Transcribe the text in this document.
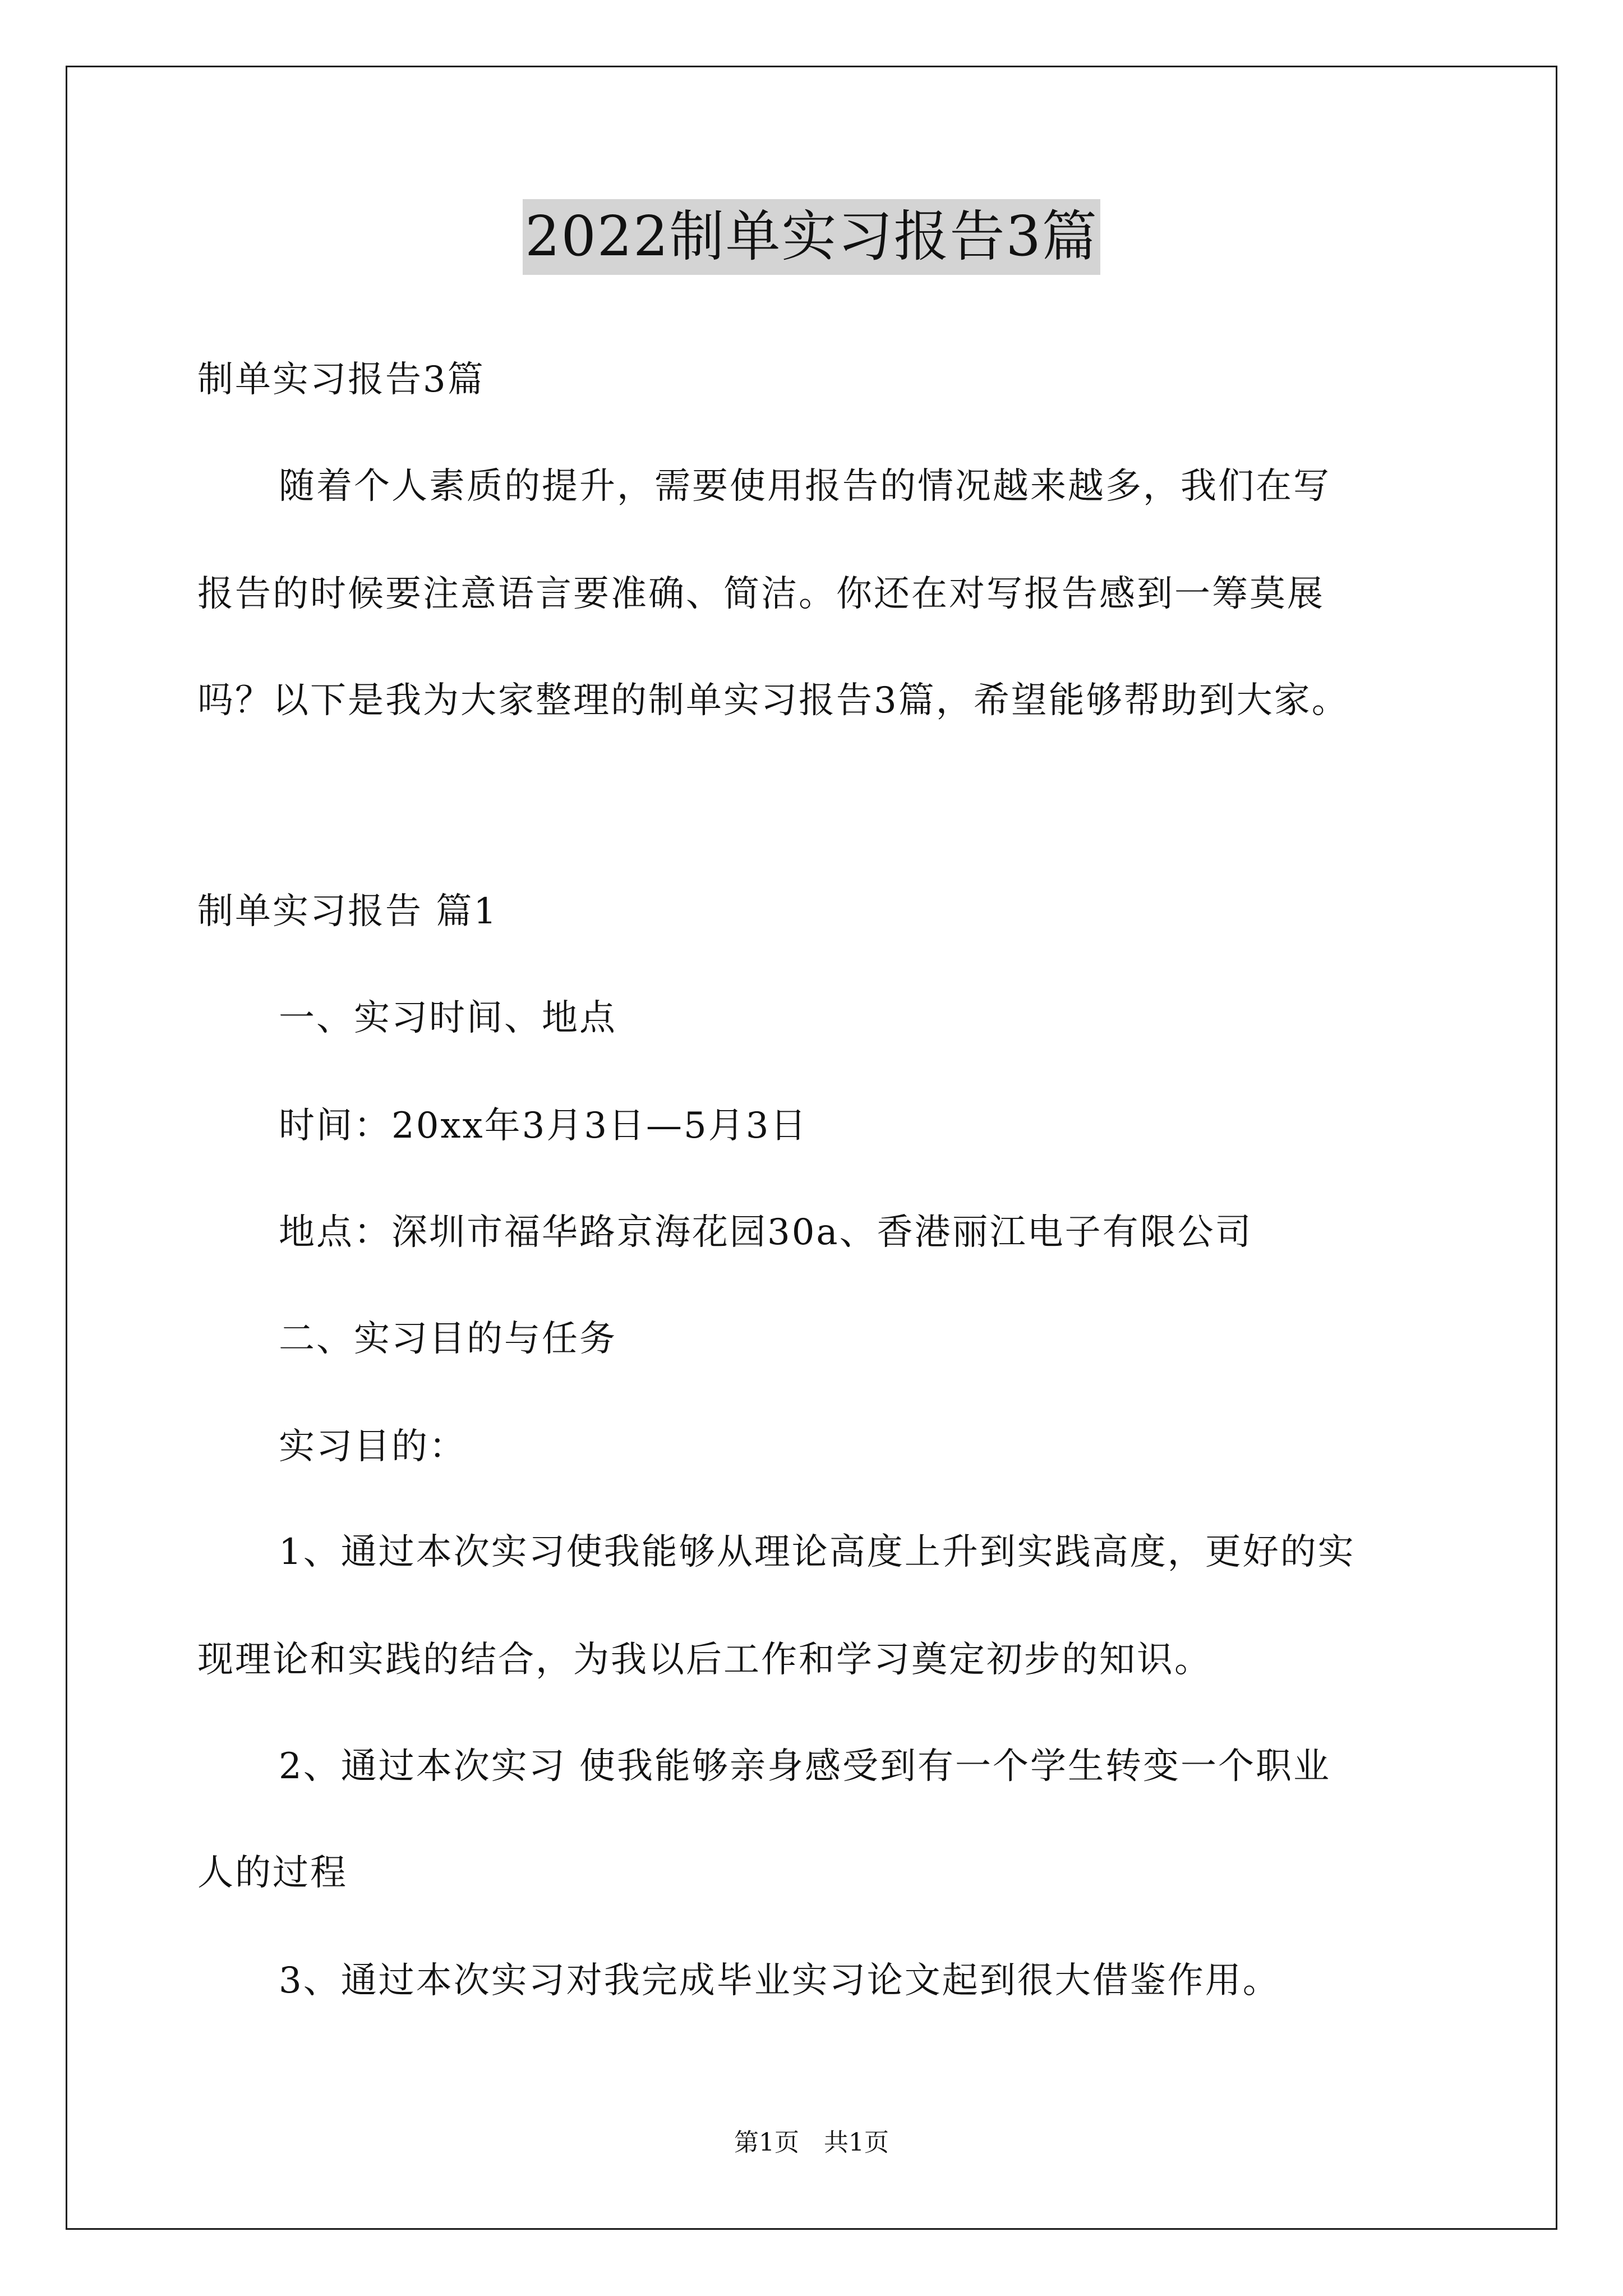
2022制单实习报告3篇
制单实习报告3篇
随着个人素质的提升，需要使用报告的情况越来越多，我们在写
报告的时候要注意语言要准确、简洁。你还在对写报告感到一筹莫展
吗？以下是我为大家整理的制单实习报告3篇，希望能够帮助到大家。
制单实习报告 篇1
一、实习时间、地点
时间：20xx年3月3日—5月3日
地点：深圳市福华路京海花园30a、香港丽江电子有限公司
二、实习目的与任务
实习目的：
1、通过本次实习使我能够从理论高度上升到实践高度，更好的实
现理论和实践的结合，为我以后工作和学习奠定初步的知识。
2、通过本次实习 使我能够亲身感受到有一个学生转变一个职业
人的过程
3、通过本次实习对我完成毕业实习论文起到很大借鉴作用。
第1页　共1页
